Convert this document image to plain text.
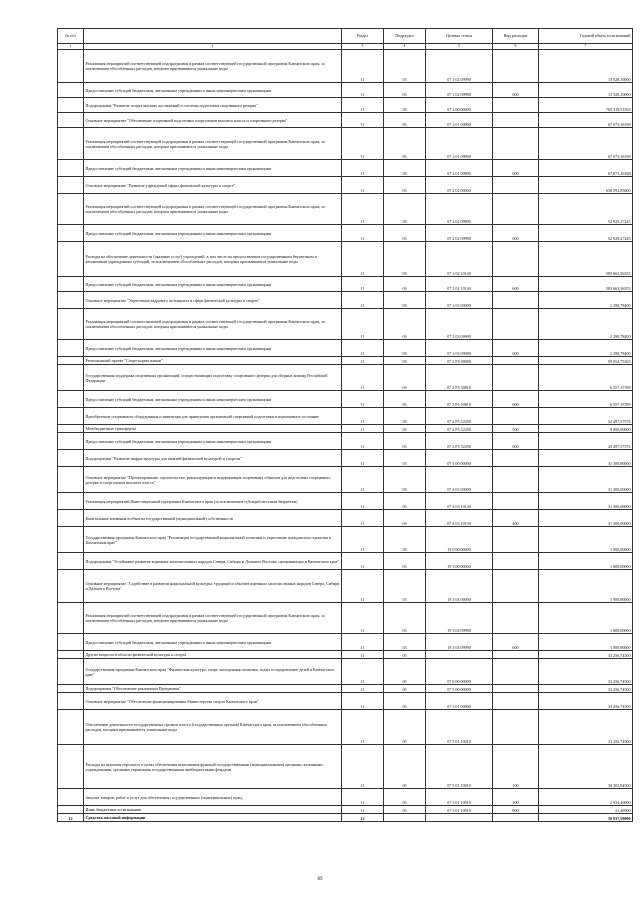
№ п/п		Раздел	Подраздел	Целевая статья	Вид расходов	Годовой объем ассигнований
1	2	3	4	5	6	7
	Реализация мероприятий соответствующей подпрограммы в рамках соответствующей государственной программы Камчатского края, за исключением обособленных расходов, которым присваиваются уникальные коды	11	03	07 1 02 09990		13 528,10000
	Предоставление субсидий бюджетным, автономным учреждениям и иным некоммерческим организациям	11	03	07 1 02 09990	600	13 528,10000
	Подпрограмма "Развитие спорта высших достижений и системы подготовки спортивного резерва"	11	03	07 2 00 00000		765 319,51563
	Основное мероприятие "Обеспечение спортивной подготовки спортсменов высшего класса и спортивного резерва"	11	03	07 2 01 00000		67 073,16198
	Реализация мероприятий соответствующей подпрограммы в рамках соответствующей государственной программы Камчатского края, за исключением обособленных расходов, которым присваиваются уникальные коды	11	03	07 2 01 09990		67 073,16198
	Предоставление субсидий бюджетным, автономным учреждениям и иным некоммерческим организациям	11	03	07 2 01 09990	600	67 073,16198
	Основное мероприятие "Развитие учреждений сферы физической культуры и спорта"	11	03	07 2 02 00000		636 592,83600
	Реализация мероприятий соответствующей подпрограммы в рамках соответствующей государственной программы Камчатского края, за исключением обособленных расходов, которым присваиваются уникальные коды	11	03	07 2 02 09990		52 929,27245
	Предоставление субсидий бюджетным, автономным учреждениям и иным некоммерческим организациям	11	03	07 2 02 09990	600	52 929,27245
	Расходы на обеспечение деятельности (оказание услуг) учреждений, в том числе на предоставление государственным бюджетным и автономным учреждениям субсидий, за исключением обособленных расходов, которым присваиваются уникальные коды	11	03	07 2 02 10140		583 663,56355
	Предоставление субсидий бюджетным, автономным учреждениям и иным некоммерческим организациям	11	03	07 2 02 10140	600	583 663,56355
	Основное мероприятие "Укрепление кадрового потенциала в сфере физической культуры и спорта"	11	03	07 2 03 00000		2 298,78400
	Реализация мероприятий соответствующей подпрограммы в рамках соответствующей государственной программы Камчатского края, за исключением обособленных расходов, которым присваиваются уникальные коды	11	03	07 2 03 09990		2 298,78400
	Предоставление субсидий бюджетным, автономным учреждениям и иным некоммерческим организациям	11	03	07 2 03 09990	600	2 298,78400
	Региональный проект "Спорт-норма жизни"	11	03	07 2 P5 00000		59 054,75365
	Государственная поддержка спортивных организаций, осуществляющих подготовку спортивного резерва для сборных команд Российской Федерации	11	03	07 2 P5 50810		6 557,15789
	Предоставление субсидий бюджетным, автономным учреждениям и иным некоммерческим организациям	11	03	07 2 P5 50810	600	6 557,15789
	Приобретение спортивного оборудования и инвентаря для приведения организаций спортивной подготовки в нормативное состояние	11	03	07 2 P5 52290		52 497,57576
	Межбюджетные трансферты	11	03	07 2 P5 52290	500	9 000,00000
	Предоставление субсидий бюджетным, автономным учреждениям и иным некоммерческим организациям	11	03	07 2 P5 52290	600	43 497,57576
	Подпрограмма "Развитие инфраструктуры для занятий физической культурой и спортом"	11	03	07 4 00 00000		31 300,00000
	Основное мероприятие "Проектирование, строительство, реконструкция и модернизация спортивных объектов для подготовки спортивного резерва и спортсменов высшего класса"	11	03	07 4 03 00000		31 300,00000
	Реализация мероприятий Инвестиционной программы Камчатского края (за исключением субсидий местным бюджетам)	11	03	07 4 03 10130		31 300,00000
	Капитальные вложения в объекты государственной (муниципальной) собственности	11	03	07 4 03 10130	400	31 300,00000
	Государственная программа Камчатского края "Реализация государственной национальной политики и укрепление гражданского единства в Камчатском крае"	11	03	19 0 00 00000		1 900,00000
	Подпрограмма "Устойчивое развитие коренных малочисленных народов Севера, Сибири и Дальнего Востока, проживающих в Камчатском крае"	11	03	19 3 00 00000		1 900,00000
	Основное мероприятие "Содействие в развитии национальной культуры, традиций и обычаев коренных малочисленных народов Севера, Сибири и Дальнего Востока"	11	03	19 3 04 00000		1 900,00000
	Реализация мероприятий соответствующей подпрограммы в рамках соответствующей государственной программы Камчатского края, за исключением обособленных расходов, которым присваиваются уникальные коды	11	03	19 3 04 09990		1 900,00000
	Предоставление субсидий бюджетным, автономным учреждениям и иным некоммерческим организациям	11	03	19 3 04 09990	600	1 900,00000
	Другие вопросы в области физической культуры и спорта	11	05			33 256,74500
	Государственная программа Камчатского края "Физическая культура, спорт, молодежная политика, отдых и оздоровление детей в Камчатском крае"	11	05	07 0 00 00000		33 256,74500
	Подпрограмма "Обеспечение реализации Программы"	11	05	07 5 00 00000		33 256,74500
	Основное мероприятие "Обеспечение функционирования Министерства спорта Камчатского края"	11	05	07 5 01 00000		33 256,74500
	Обеспечение деятельности государственных органов власти (государственных органов) Камчатского края, за исключением обособленных расходов, которым присваиваются уникальные коды	11	05	07 5 01 10010		33 256,74500
	Расходы на выплаты персоналу в целях обеспечения выполнения функций государственными (муниципальными) органами, казенными учреждениями, органами управления государственными внебюджетными фондами	11	05	07 5 01 10010	100	30 302,94500
	Закупка товаров, работ и услуг для обеспечения государственных (муниципальных) нужд	11	05	07 5 01 10010	200	2 934,40000
	Иные бюджетные ассигнования	11	05	07 5 01 10010	800	21,40000
12	Средства массовой информации	12				50 837,59000
89
